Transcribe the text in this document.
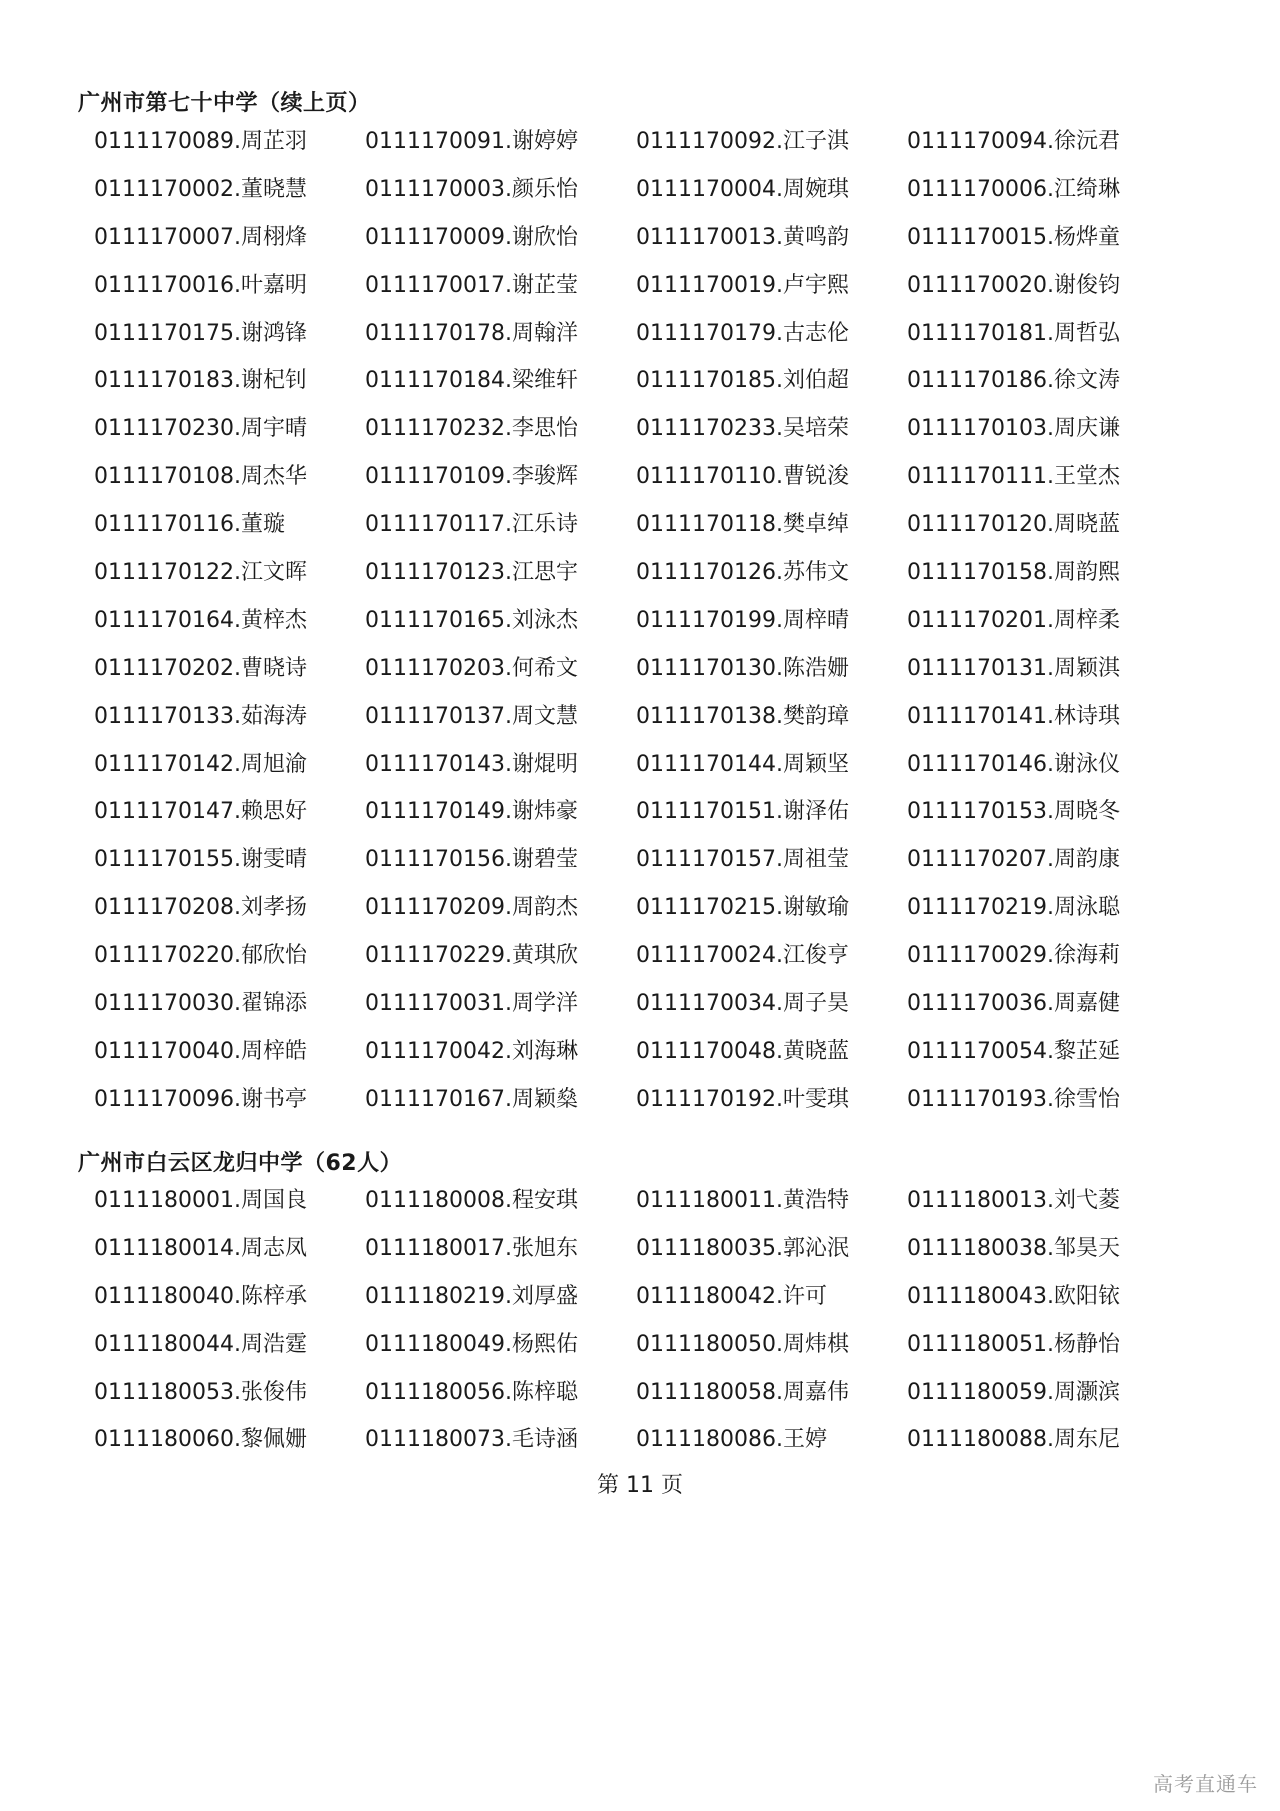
广州市第七十中学（续上页）
0111170089.周芷羽	0111170091.谢婷婷	0111170092.江子淇	0111170094.徐沅君
0111170002.董晓慧	0111170003.颜乐怡	0111170004.周婉琪	0111170006.江绮琳
0111170007.周栩烽	0111170009.谢欣怡	0111170013.黄鸣韵	0111170015.杨烨童
0111170016.叶嘉明	0111170017.谢芷莹	0111170019.卢宇熙	0111170020.谢俊钧
0111170175.谢鸿锋	0111170178.周翰洋	0111170179.古志伦	0111170181.周哲弘
0111170183.谢杞钊	0111170184.梁维轩	0111170185.刘伯超	0111170186.徐文涛
0111170230.周宇晴	0111170232.李思怡	0111170233.吴培荣	0111170103.周庆谦
0111170108.周杰华	0111170109.李骏辉	0111170110.曹锐浚	0111170111.王堂杰
0111170116.董璇	0111170117.江乐诗	0111170118.樊卓绰	0111170120.周晓蓝
0111170122.江文晖	0111170123.江思宇	0111170126.苏伟文	0111170158.周韵熙
0111170164.黄梓杰	0111170165.刘泳杰	0111170199.周梓晴	0111170201.周梓柔
0111170202.曹晓诗	0111170203.何希文	0111170130.陈浩姗	0111170131.周颖淇
0111170133.茹海涛	0111170137.周文慧	0111170138.樊韵璋	0111170141.林诗琪
0111170142.周旭渝	0111170143.谢焜明	0111170144.周颖坚	0111170146.谢泳仪
0111170147.赖思好	0111170149.谢炜豪	0111170151.谢泽佑	0111170153.周晓冬
0111170155.谢雯晴	0111170156.谢碧莹	0111170157.周祖莹	0111170207.周韵康
0111170208.刘孝扬	0111170209.周韵杰	0111170215.谢敏瑜	0111170219.周泳聪
0111170220.郁欣怡	0111170229.黄琪欣	0111170024.江俊亨	0111170029.徐海莉
0111170030.翟锦添	0111170031.周学洋	0111170034.周子昊	0111170036.周嘉健
0111170040.周梓皓	0111170042.刘海琳	0111170048.黄晓蓝	0111170054.黎芷延
0111170096.谢书亭	0111170167.周颖燊	0111170192.叶雯琪	0111170193.徐雪怡
广州市白云区龙归中学（62人）
0111180001.周国良	0111180008.程安琪	0111180011.黄浩特	0111180013.刘弋菱
0111180014.周志凤	0111180017.张旭东	0111180035.郭沁泯	0111180038.邹昊天
0111180040.陈梓承	0111180219.刘厚盛	0111180042.许可	0111180043.欧阳铱
0111180044.周浩霆	0111180049.杨熙佑	0111180050.周炜棋	0111180051.杨静怡
0111180053.张俊伟	0111180056.陈梓聪	0111180058.周嘉伟	0111180059.周灏滨
0111180060.黎佩姗	0111180073.毛诗涵	0111180086.王婷	0111180088.周东尼
第 11 页
高考直通车
